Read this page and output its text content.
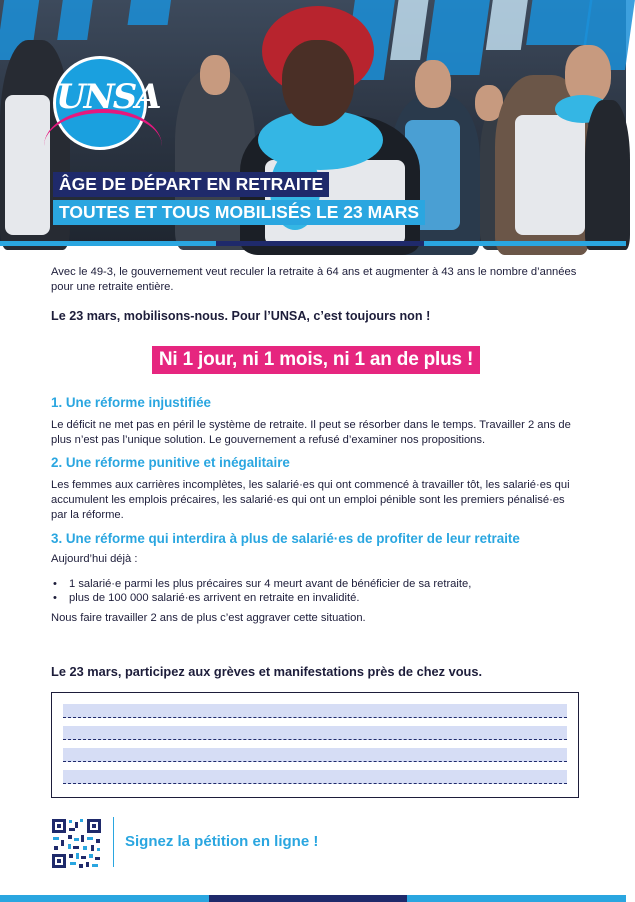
UNSA
ÂGE DE DÉPART EN RETRAITE
TOUTES ET TOUS MOBILISÉS LE 23 MARS

Avec le 49-3, le gouvernement veut reculer la retraite à 64 ans et augmenter à 43 ans le nombre d’années pour une retraite entière.

Le 23 mars, mobilisons-nous. Pour l’UNSA, c’est toujours non !

Ni 1 jour, ni 1 mois, ni 1 an de plus !
1. Une réforme injustifiée

Le déficit ne met pas en péril le système de retraite. Il peut se résorber dans le temps. Travailler 2 ans de plus n’est pas l’unique solution. Le gouvernement a refusé d’examiner nos propositions.

2. Une réforme punitive et inégalitaire

Les femmes aux carrières incomplètes, les salarié·es qui ont commencé à travailler tôt, les salarié·es qui accumulent les emplois précaires, les salarié·es qui ont un emploi pénible sont les premiers pénalisé·es par la réforme.

3. Une réforme qui interdira à plus de salarié·es de profiter de leur retraite

Aujourd’hui déjà :

• 1 salarié·e parmi les plus précaires sur 4 meurt avant de bénéficier de sa retraite,
• plus de 100 000 salarié·es arrivent en retraite en invalidité.

Nous faire travailler 2 ans de plus c’est aggraver cette situation.

Le 23 mars, participez aux grèves et manifestations près de chez vous.
Signez la pétition en ligne !
